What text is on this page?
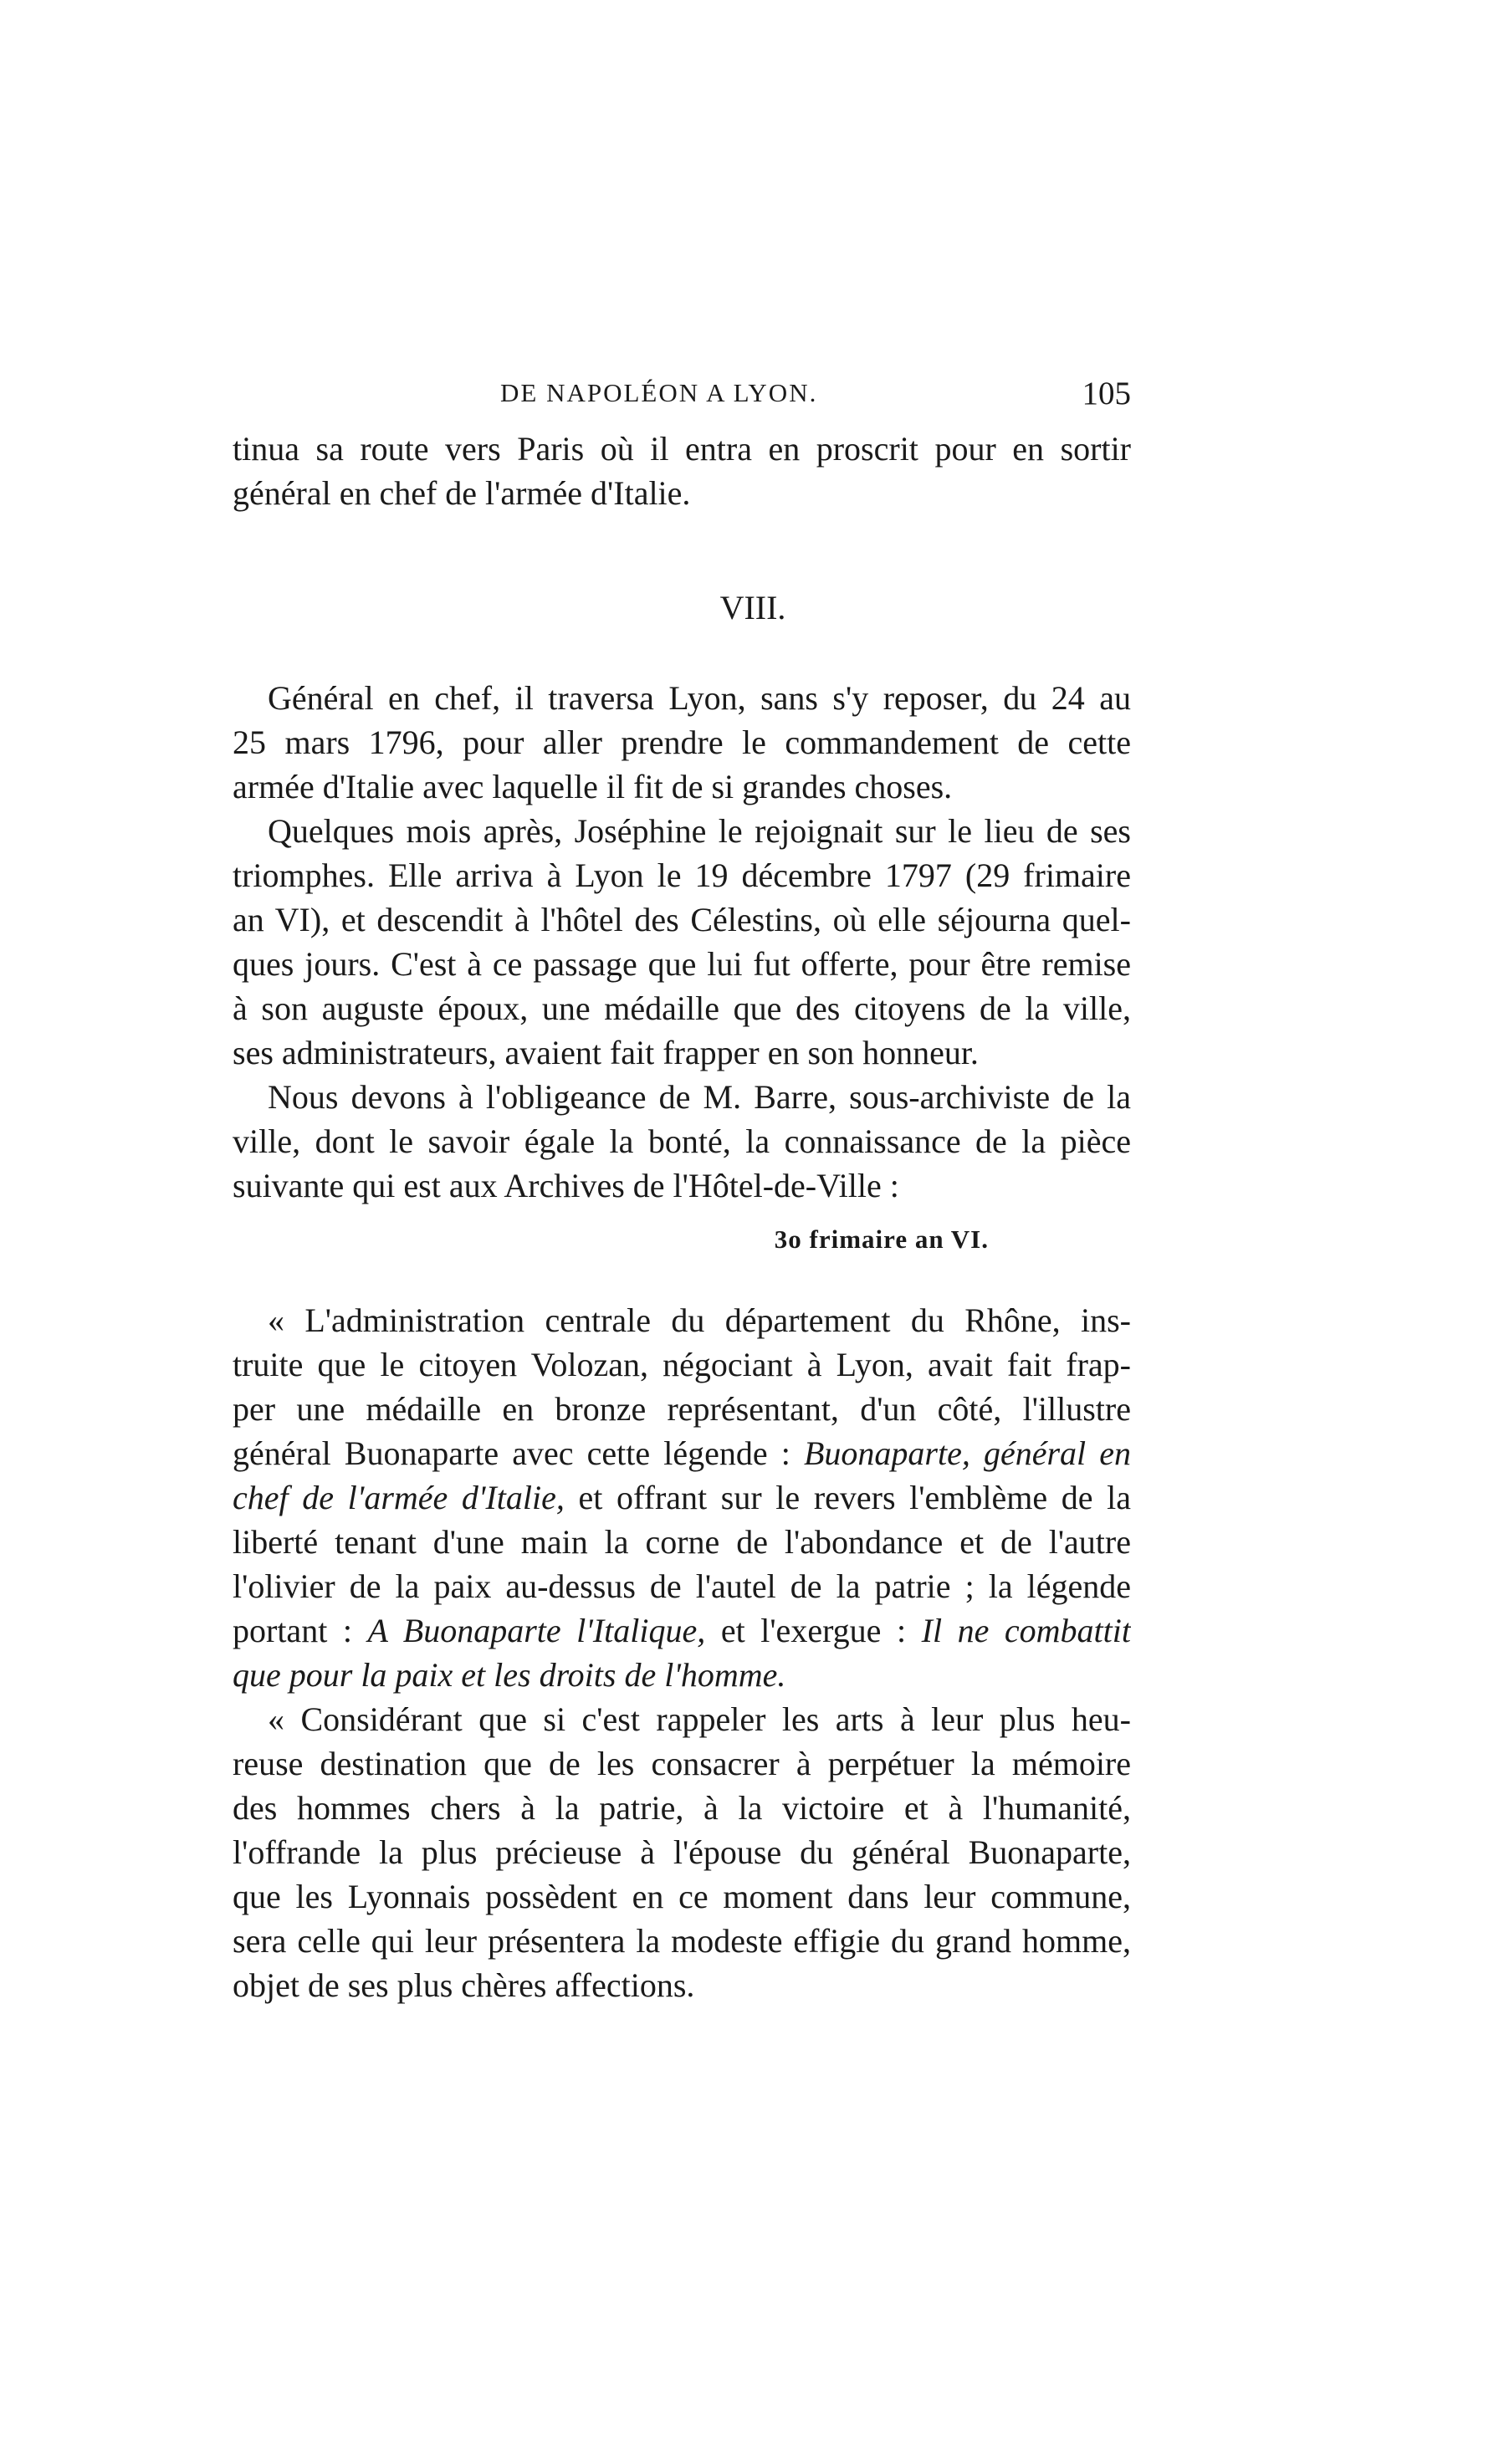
DE NAPOLÉON A LYON.	105
tinua sa route vers Paris où il entra en proscrit pour en sortir
général en chef de l'armée d'Italie.
VIII.
Général en chef, il traversa Lyon, sans s'y reposer, du 24 au
25 mars 1796, pour aller prendre le commandement de cette
armée d'Italie avec laquelle il fit de si grandes choses.
Quelques mois après, Joséphine le rejoignait sur le lieu de ses
triomphes. Elle arriva à Lyon le 19 décembre 1797 (29 frimaire
an VI), et descendit à l'hôtel des Célestins, où elle séjourna quel-
ques jours. C'est à ce passage que lui fut offerte, pour être remise
à son auguste époux, une médaille que des citoyens de la ville,
ses administrateurs, avaient fait frapper en son honneur.
Nous devons à l'obligeance de M. Barre, sous-archiviste de la
ville, dont le savoir égale la bonté, la connaissance de la pièce
suivante qui est aux Archives de l'Hôtel-de-Ville :
3o frimaire an VI.
« L'administration centrale du département du Rhône, ins-
truite que le citoyen Volozan, négociant à Lyon, avait fait frap-
per une médaille en bronze représentant, d'un côté, l'illustre
général Buonaparte avec cette légende : Buonaparte, général en
chef de l'armée d'Italie, et offrant sur le revers l'emblème de la
liberté tenant d'une main la corne de l'abondance et de l'autre
l'olivier de la paix au-dessus de l'autel de la patrie ; la légende
portant : A Buonaparte l'Italique, et l'exergue : Il ne combattit
que pour la paix et les droits de l'homme.
« Considérant que si c'est rappeler les arts à leur plus heu-
reuse destination que de les consacrer à perpétuer la mémoire
des hommes chers à la patrie, à la victoire et à l'humanité,
l'offrande la plus précieuse à l'épouse du général Buonaparte,
que les Lyonnais possèdent en ce moment dans leur commune,
sera celle qui leur présentera la modeste effigie du grand homme,
objet de ses plus chères affections.
